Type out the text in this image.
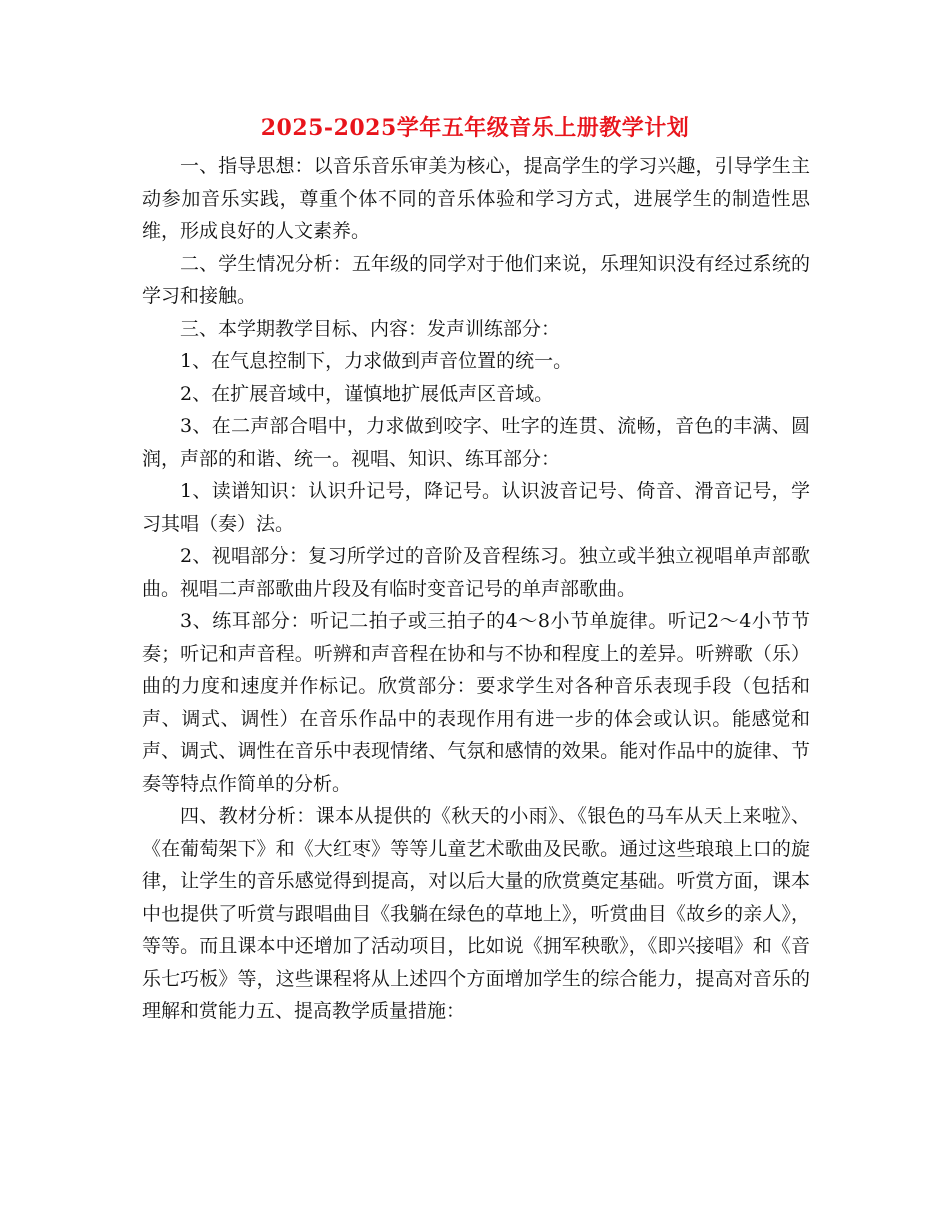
2025-2025学年五年级音乐上册教学计划

一、指导思想：以音乐音乐审美为核心，提高学生的学习兴趣，引导学生主动参加音乐实践，尊重个体不同的音乐体验和学习方式，进展学生的制造性思维，形成良好的人文素养。

二、学生情况分析：五年级的同学对于他们来说，乐理知识没有经过系统的学习和接触。

三、本学期教学目标、内容：发声训练部分：

1、在气息控制下，力求做到声音位置的统一。

2、在扩展音域中，谨慎地扩展低声区音域。

3、在二声部合唱中，力求做到咬字、吐字的连贯、流畅，音色的丰满、圆润，声部的和谐、统一。视唱、知识、练耳部分：

1、读谱知识：认识升记号，降记号。认识波音记号、倚音、滑音记号，学习其唱（奏）法。

2、视唱部分：复习所学过的音阶及音程练习。独立或半独立视唱单声部歌曲。视唱二声部歌曲片段及有临时变音记号的单声部歌曲。

3、练耳部分：听记二拍子或三拍子的4～8小节单旋律。听记2～4小节节奏；听记和声音程。听辨和声音程在协和与不协和程度上的差异。听辨歌（乐）曲的力度和速度并作标记。欣赏部分：要求学生对各种音乐表现手段（包括和声、调式、调性）在音乐作品中的表现作用有进一步的体会或认识。能感觉和声、调式、调性在音乐中表现情绪、气氛和感情的效果。能对作品中的旋律、节奏等特点作简单的分析。

四、教材分析：课本从提供的《秋天的小雨》、《银色的马车从天上来啦》、《在葡萄架下》和《大红枣》等等儿童艺术歌曲及民歌。通过这些琅琅上口的旋律，让学生的音乐感觉得到提高，对以后大量的欣赏奠定基础。听赏方面，课本中也提供了听赏与跟唱曲目《我躺在绿色的草地上》，听赏曲目《故乡的亲人》，等等。而且课本中还增加了活动项目，比如说《拥军秧歌》，《即兴接唱》和《音乐七巧板》等，这些课程将从上述四个方面增加学生的综合能力，提高对音乐的理解和赏能力五、提高教学质量措施：
